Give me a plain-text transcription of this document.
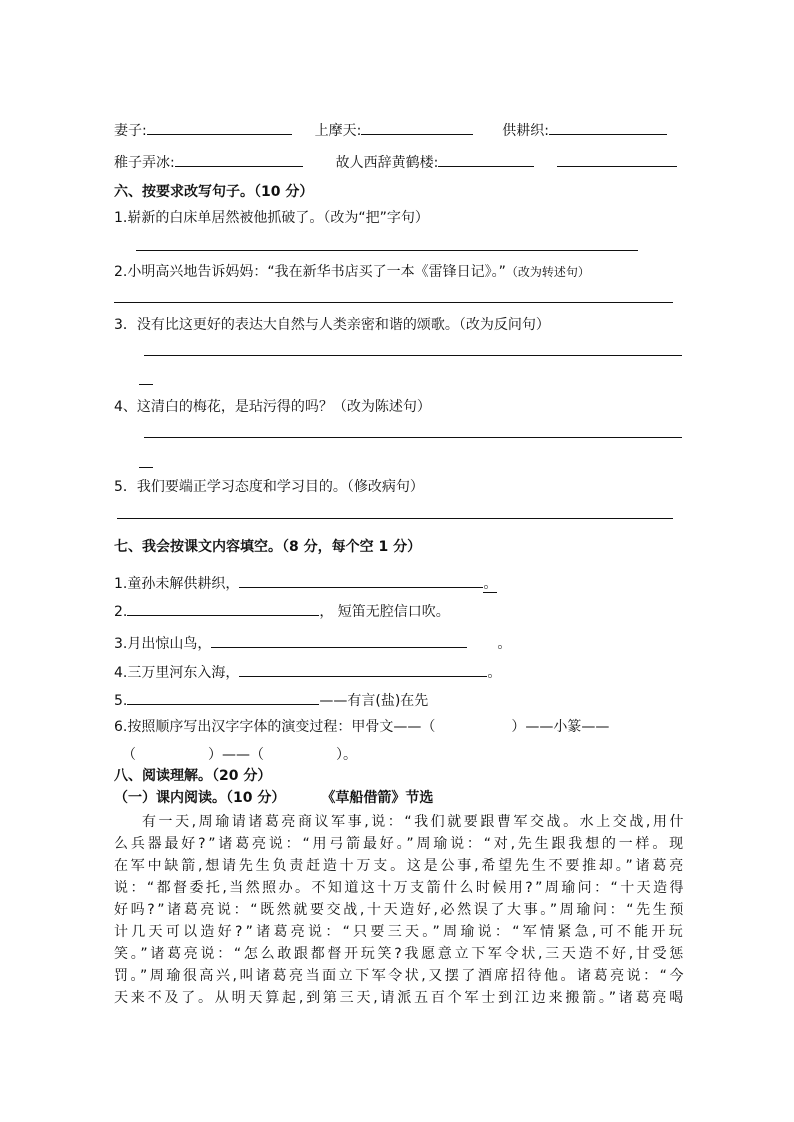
妻子:	上摩天:	供耕织:
稚子弄冰:	故人西辞黄鹤楼:
六、按要求改写句子。（10 分）
1.崭新的白床单居然被他抓破了。（改为“把”字句）
2.小明高兴地告诉妈妈：“我在新华书店买了一本《雷锋日记》。”（改为转述句）
3．没有比这更好的表达大自然与人类亲密和谐的颂歌。（改为反问句）
4、这清白的梅花，是玷污得的吗？（改为陈述句）
5．我们要端正学习态度和学习目的。（修改病句）
七、我会按课文内容填空。（8 分，每个空 1 分）
1.童孙未解供耕织，	。
2.	， 短笛无腔信口吹。
3.月出惊山鸟，	。
4.三万里河东入海，	。
5.	——有言(盐)在先
6.按照顺序写出汉字字体的演变过程：甲骨文——（	）——小篆——
（	）——（	）。
八、阅读理解。（20 分）
（一）课内阅读。（10 分）	《草船借箭》节选
有一天,周瑜请诸葛亮商议军事,说：“我们就要跟曹军交战。水上交战,用什
么兵器最好?”诸葛亮说：“用弓箭最好。”周瑜说：“对,先生跟我想的一样。现
在军中缺箭,想请先生负责赶造十万支。这是公事,希望先生不要推却。”诸葛亮
说：“都督委托,当然照办。不知道这十万支箭什么时候用?”周瑜问：“十天造得
好吗?”诸葛亮说：“既然就要交战,十天造好,必然误了大事。”周瑜问：“先生预
计几天可以造好?”诸葛亮说：“只要三天。”周瑜说：“军情紧急,可不能开玩
笑。”诸葛亮说：“怎么敢跟都督开玩笑?我愿意立下军令状,三天造不好,甘受惩
罚。”周瑜很高兴,叫诸葛亮当面立下军令状,又摆了酒席招待他。诸葛亮说：“今
天来不及了。从明天算起,到第三天,请派五百个军士到江边来搬箭。”诸葛亮喝
